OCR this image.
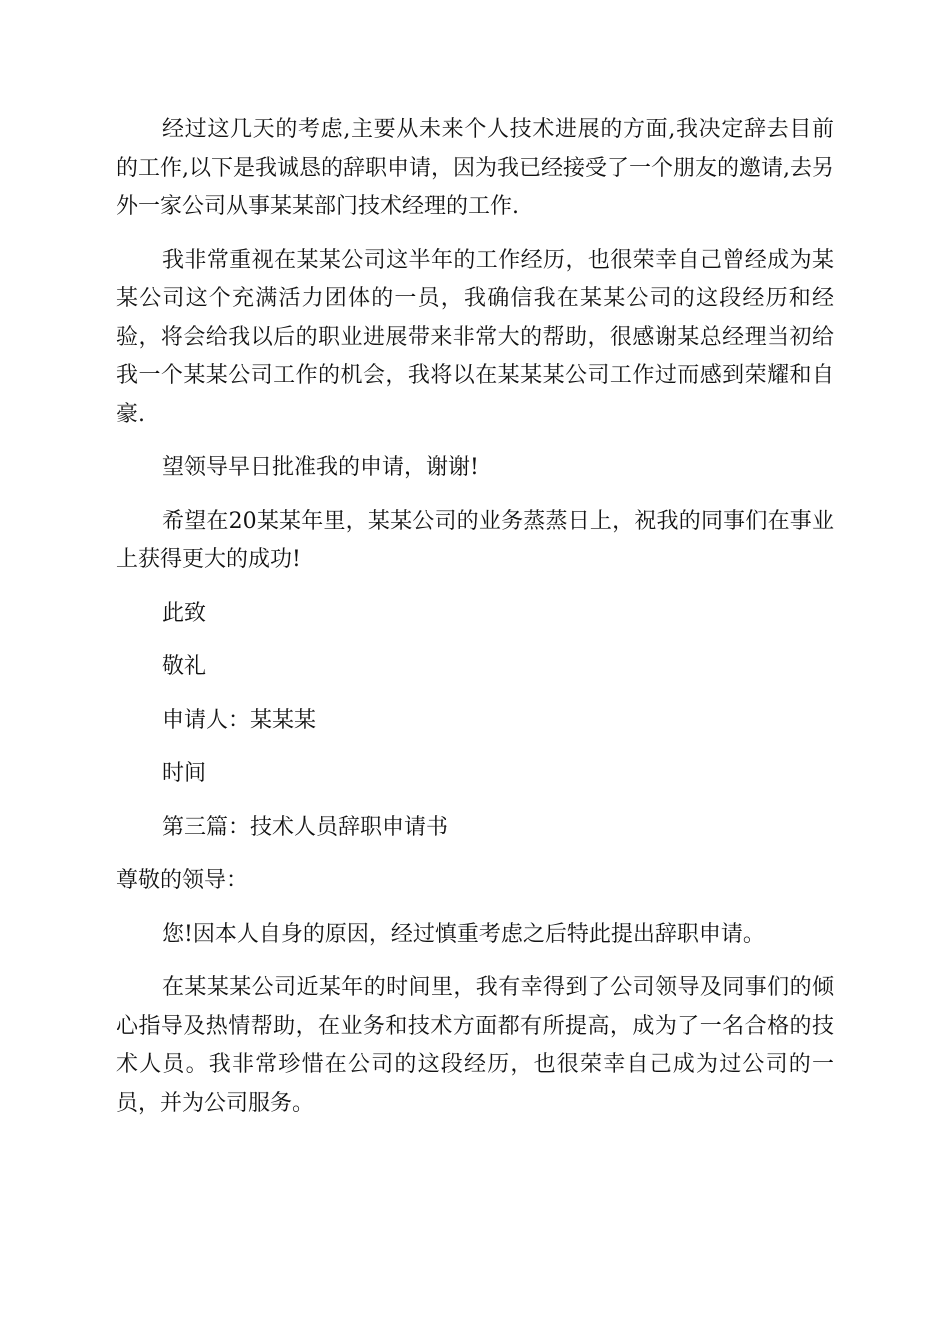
经过这几天的考虑,主要从未来个人技术进展的方面,我决定辞去目前的工作,以下是我诚恳的辞职申请，因为我已经接受了一个朋友的邀请,去另外一家公司从事某某部门技术经理的工作.

我非常重视在某某公司这半年的工作经历，也很荣幸自己曾经成为某某公司这个充满活力团体的一员，我确信我在某某公司的这段经历和经验，将会给我以后的职业进展带来非常大的帮助，很感谢某总经理当初给我一个某某公司工作的机会，我将以在某某某公司工作过而感到荣耀和自豪.

望领导早日批准我的申请，谢谢!

希望在20某某年里，某某公司的业务蒸蒸日上，祝我的同事们在事业上获得更大的成功!

此致

敬礼

申请人：某某某

时间

第三篇：技术人员辞职申请书

尊敬的领导：

您!因本人自身的原因，经过慎重考虑之后特此提出辞职申请。

在某某某公司近某年的时间里，我有幸得到了公司领导及同事们的倾心指导及热情帮助，在业务和技术方面都有所提高，成为了一名合格的技术人员。我非常珍惜在公司的这段经历，也很荣幸自己成为过公司的一员，并为公司服务。
